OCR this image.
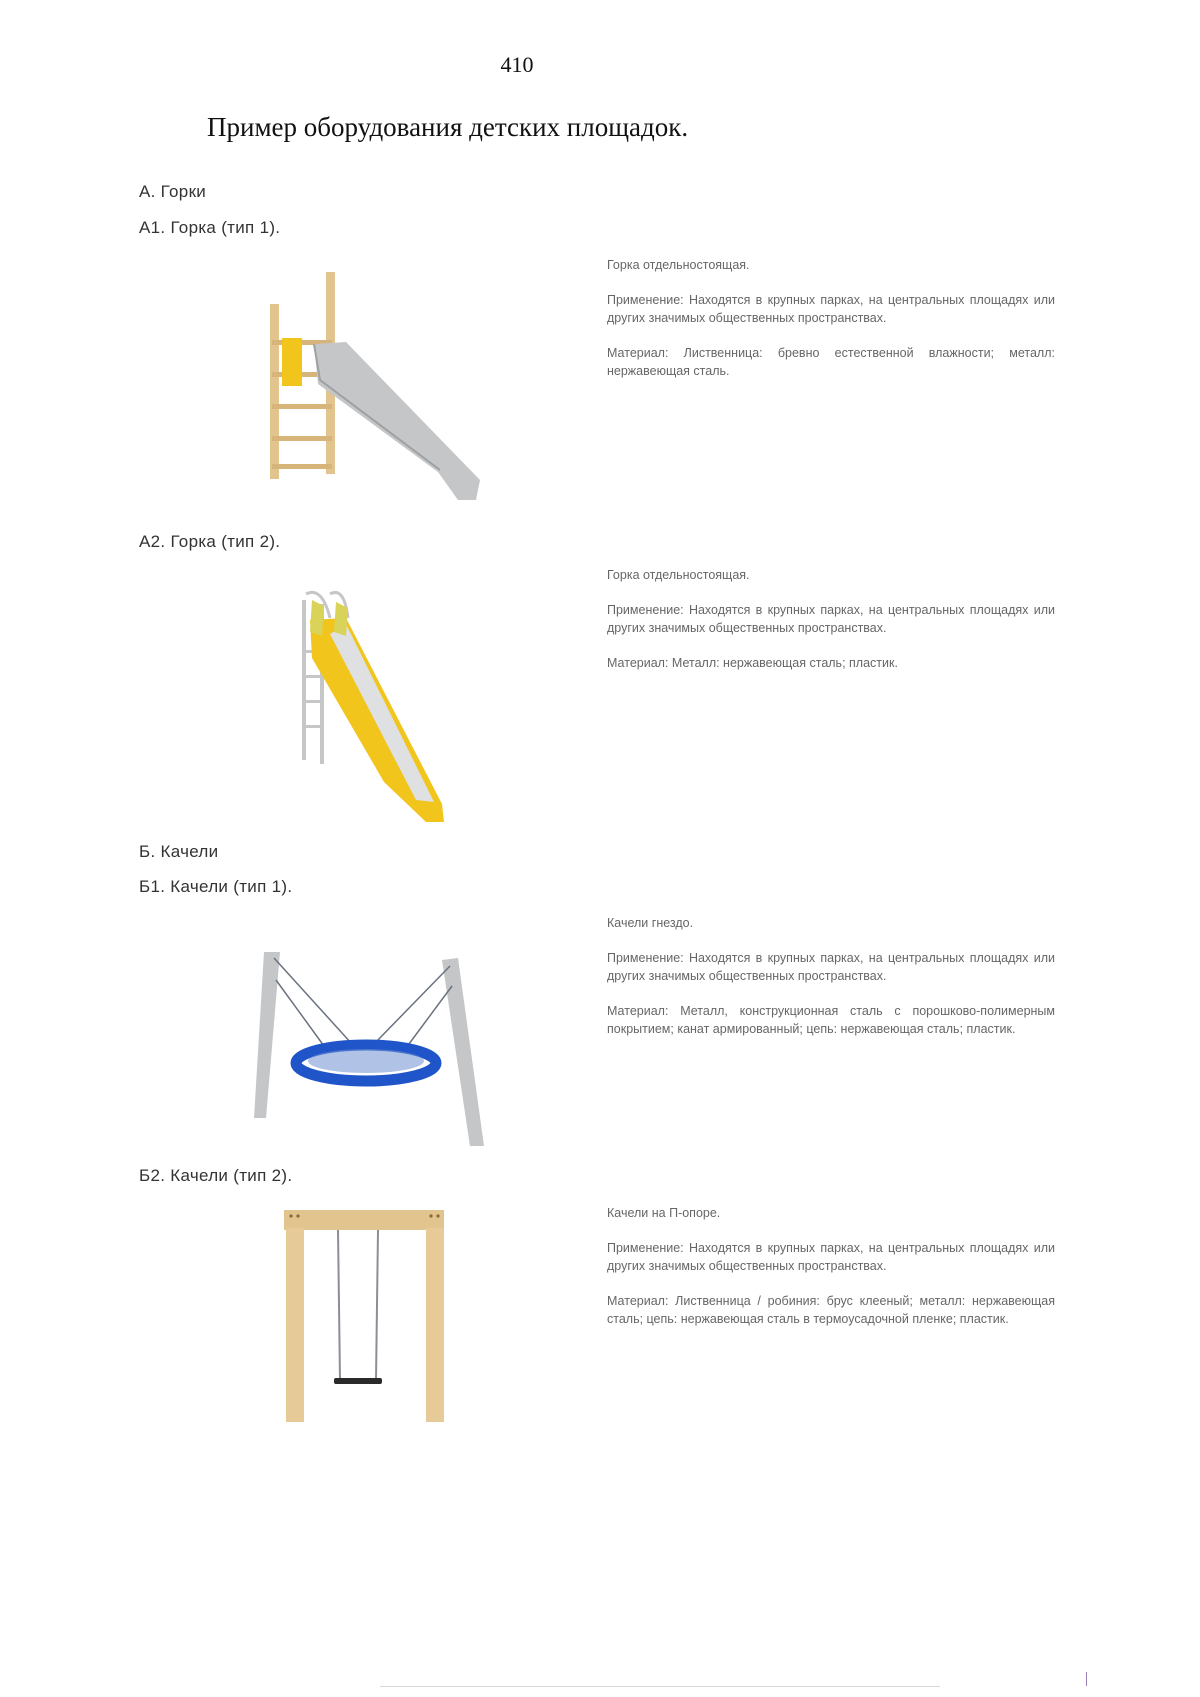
410
Пример оборудования детских площадок.
А. Горки
А1. Горка (тип 1).

Горка отдельностоящая.

Применение: Находятся в крупных парках, на центральных площадях или других значимых общественных пространствах.

Материал: Лиственница: бревно естественной влажности; металл: нержавеющая сталь.

А2. Горка (тип 2).

Горка отдельностоящая.

Применение: Находятся в крупных парках, на центральных площадях или других значимых общественных пространствах.

Материал: Металл: нержавеющая сталь; пластик.

Б. Качели
Б1. Качели (тип 1).

Качели гнездо.

Применение: Находятся в крупных парках, на центральных площадях или других значимых общественных пространствах.

Материал: Металл, конструкционная сталь с порошково-полимерным покрытием; канат армированный; цепь: нержавеющая сталь; пластик.

Б2. Качели (тип 2).

Качели на П-опоре.

Применение: Находятся в крупных парках, на центральных площадях или других значимых общественных пространствах.

Материал: Лиственница / робиния: брус клееный; металл: нержавеющая сталь; цепь: нержавеющая сталь в термоусадочной пленке; пластик.
